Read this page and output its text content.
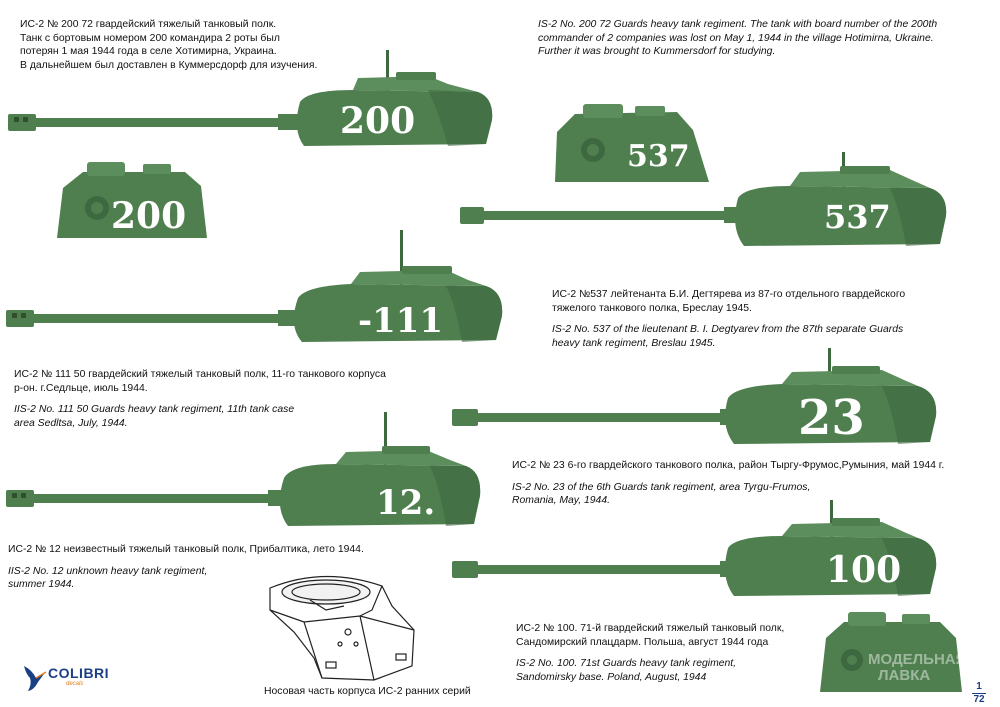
ИС-2 № 200 72 гвардейский тяжелый танковый полк.

Танк с бортовым номером 200 командира 2 роты был

потерян 1 мая 1944 года в селе Хотимирна, Украина.

В дальнейшем был доставлен в Куммерсдорф для изучения.

IS-2 No. 200 72 Guards heavy tank regiment. The tank with board number of the 200th

commander of 2 companies was lost on May 1, 1944 in the village Hotimirna, Ukraine.

Further it was brought to Kummersdorf for studying.

ИС-2 №537 лейтенанта Б.И. Дегтярева из 87-го отдельного гвардейского

тяжелого танкового полка, Бреслау 1945.

IS-2 No. 537 of the lieutenant B. I. Degtyarev from the 87th separate Guards

heavy tank regiment, Breslau 1945.

ИС-2 № 111 50 гвардейский тяжелый танковый полк, 11-го танкового корпуса

р-он. г.Седльце, июль 1944.

IIS-2 No. 111 50 Guards heavy tank regiment, 11th tank case

area Sedltsa, July, 1944.

ИС-2 № 23 6-го гвардейского танкового полка, район Тыргу-Фрумос,Румыния, май 1944 г.

IS-2 No. 23 of the 6th Guards tank regiment, area Tyrgu-Frumos,

Romania, May, 1944.

ИС-2 № 12 неизвестный тяжелый танковый полк, Прибалтика, лето 1944.

IIS-2 No. 12 unknown heavy tank regiment,

summer 1944.

ИС-2 № 100. 71-й гвардейский тяжелый танковый полк,

Сандомирский плацдарм. Польша, август 1944 года

IS-2 No. 100. 71st Guards heavy tank regiment,

Sandomirsky base. Poland, August, 1944

200
200
537
537
-111
23
12.
100
МОДЕЛЬНАЯ
ЛАВКА
Носовая часть корпуса ИС-2 ранних серий
COLIBRI
decals	1
72
